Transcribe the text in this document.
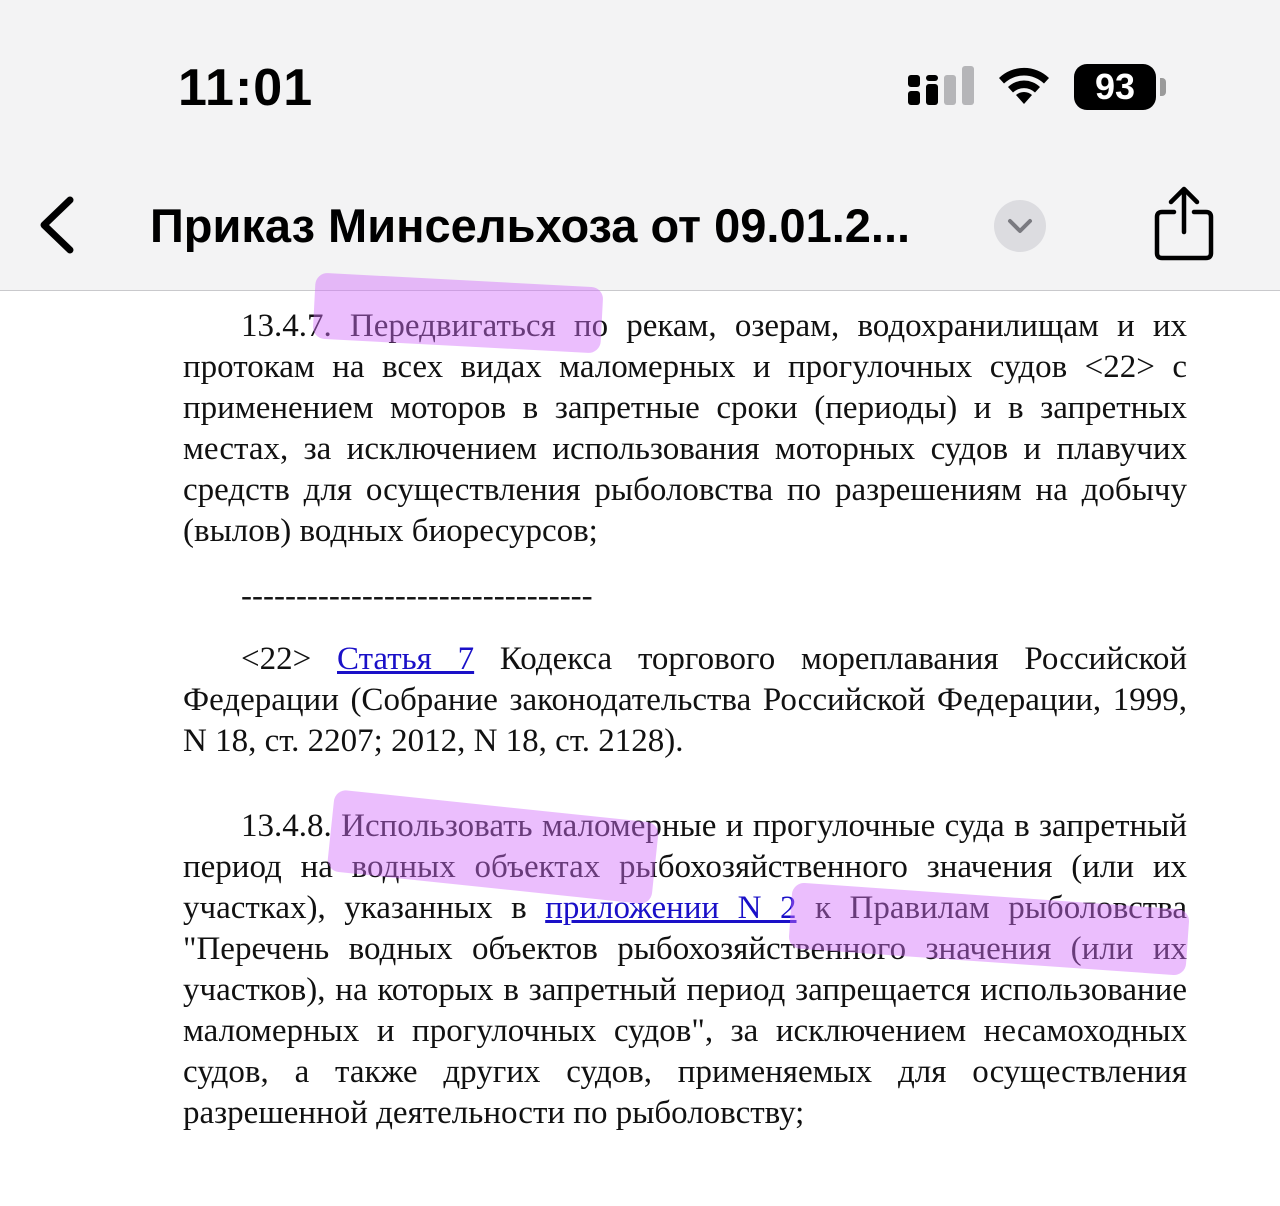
11:01	93
Приказ Минсельхоза от 09.01.2...

13.4.7. Передвигаться по рекам, озерам, водохранилищам и их протокам на всех видах маломерных и прогулочных судов <22> с применением моторов в запретные сроки (периоды) и в запретных местах, за исключением использования моторных судов и плавучих средств для осуществления рыболовства по разрешениям на добычу (вылов) водных биоресурсов;

--------------------------------

<22> Статья 7 Кодекса торгового мореплавания Российской Федерации (Собрание законодательства Российской Федерации, 1999, N 18, ст. 2207; 2012, N 18, ст. 2128).

13.4.8. Использовать маломерные и прогулочные суда в запретный период на водных объектах рыбохозяйственного значения (или их участках), указанных в приложении N 2 к Правилам рыболовства "Перечень водных объектов рыбохозяйственного значения (или их участков), на которых в запретный период запрещается использование маломерных и прогулочных судов", за исключением несамоходных судов, а также других судов, применяемых для осуществления разрешенной деятельности по рыболовству;
